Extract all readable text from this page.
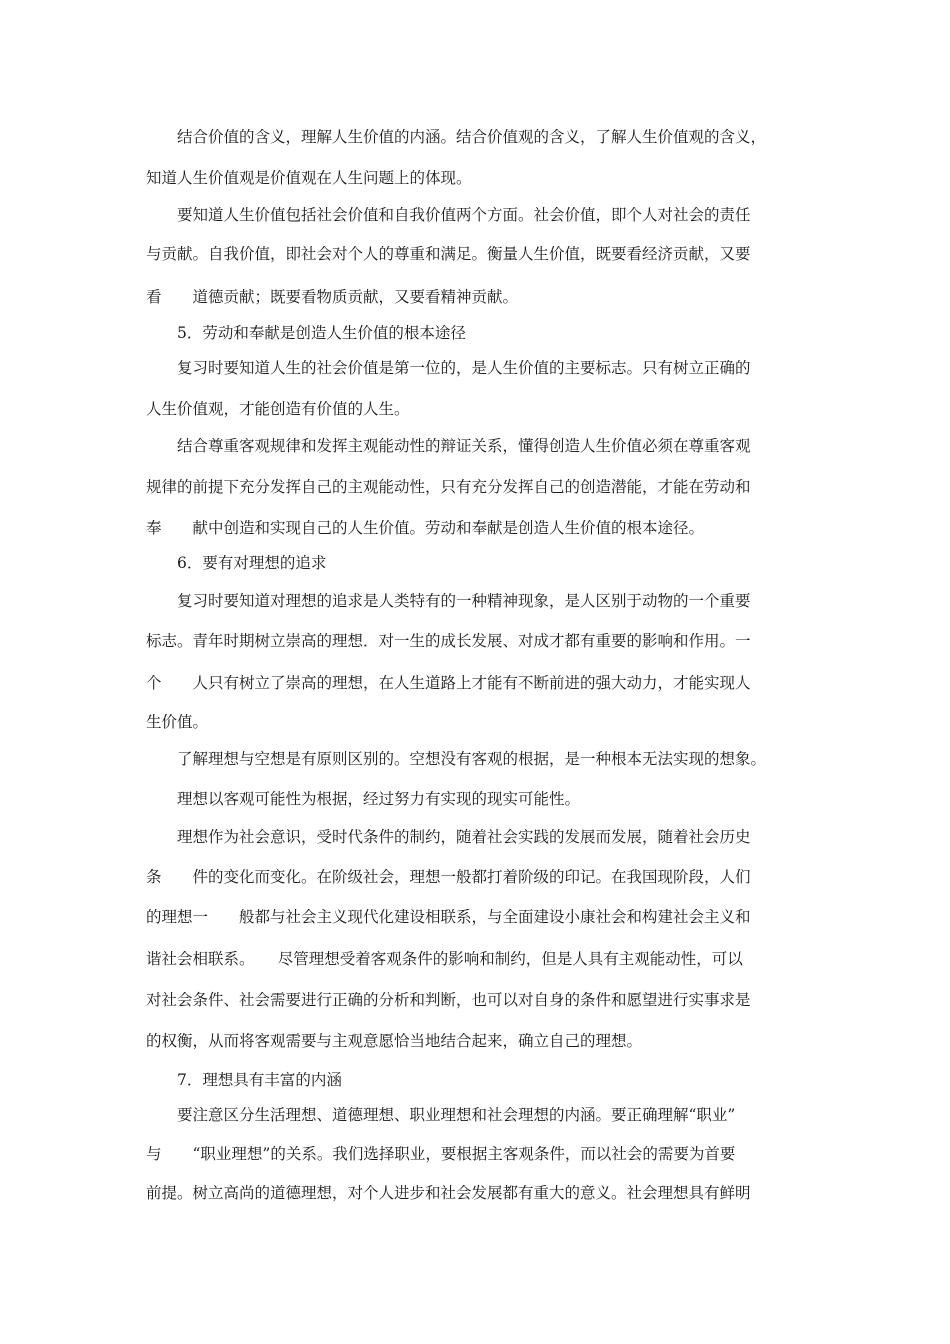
结合价值的含义，理解人生价值的内涵。结合价值观的含义，了解人生价值观的含义，
知道人生价值观是价值观在人生问题上的体现。
要知道人生价值包括社会价值和自我价值两个方面。社会价值，即个人对社会的责任
与贡献。自我价值，即社会对个人的尊重和满足。衡量人生价值，既要看经济贡献，又要
看　　道德贡献；既要看物质贡献，又要看精神贡献。
5．劳动和奉献是创造人生价值的根本途径
复习时要知道人生的社会价值是第一位的，是人生价值的主要标志。只有树立正确的
人生价值观，才能创造有价值的人生。
结合尊重客观规律和发挥主观能动性的辩证关系，懂得创造人生价值必须在尊重客观
规律的前提下充分发挥自己的主观能动性，只有充分发挥自己的创造潜能，才能在劳动和
奉　　献中创造和实现自己的人生价值。劳动和奉献是创造人生价值的根本途径。
6．要有对理想的追求
复习时要知道对理想的追求是人类特有的一种精神现象，是人区别于动物的一个重要
标志。青年时期树立崇高的理想．对一生的成长发展、对成才都有重要的影响和作用。一
个　　人只有树立了崇高的理想，在人生道路上才能有不断前进的强大动力，才能实现人
生价值。
了解理想与空想是有原则区别的。空想没有客观的根据，是一种根本无法实现的想象。
理想以客观可能性为根据，经过努力有实现的现实可能性。
理想作为社会意识，受时代条件的制约，随着社会实践的发展而发展，随着社会历史
条　　件的变化而变化。在阶级社会，理想一般都打着阶级的印记。在我国现阶段，人们
的理想一　　般都与社会主义现代化建设相联系，与全面建设小康社会和构建社会主义和
谐社会相联系。　　尽管理想受着客观条件的影响和制约，但是人具有主观能动性，可以
对社会条件、社会需要进行正确的分析和判断，也可以对自身的条件和愿望进行实事求是
的权衡，从而将客观需要与主观意愿恰当地结合起来，确立自己的理想。
7．理想具有丰富的内涵
要注意区分生活理想、道德理想、职业理想和社会理想的内涵。要正确理解“职业”
与　　“职业理想”的关系。我们选择职业，要根据主客观条件，而以社会的需要为首要
前提。树立高尚的道德理想，对个人进步和社会发展都有重大的意义。社会理想具有鲜明
